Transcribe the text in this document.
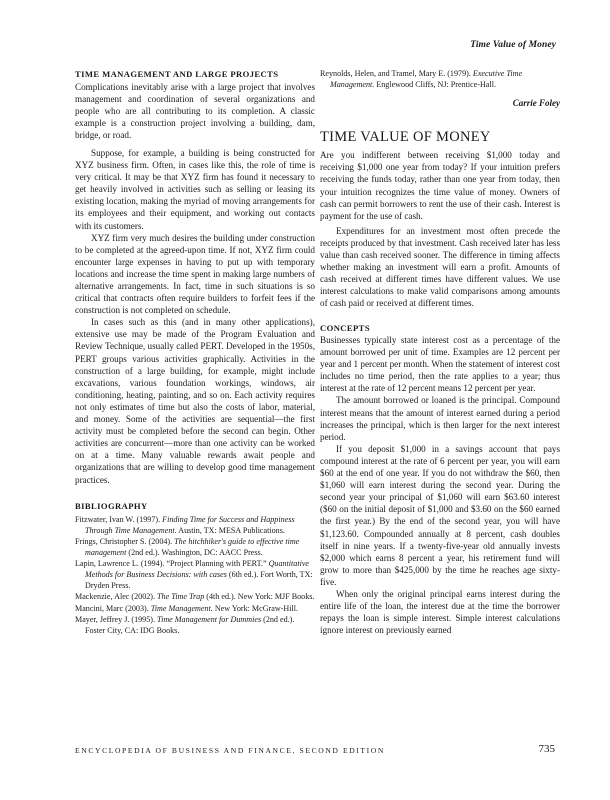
Time Value of Money

TIME MANAGEMENT AND LARGE PROJECTS

Complications inevitably arise with a large project that involves management and coordination of several organizations and people who are all contributing to its completion. A classic example is a construction project involving a building, dam, bridge, or road.

Suppose, for example, a building is being constructed for XYZ business firm. Often, in cases like this, the role of time is very critical. It may be that XYZ firm has found it necessary to get heavily involved in activities such as selling or leasing its existing location, making the myriad of moving arrangements for its employees and their equipment, and working out contacts with its customers.

XYZ firm very much desires the building under construction to be completed at the agreed-upon time. If not, XYZ firm could encounter large expenses in having to put up with temporary locations and increase the time spent in making large numbers of alternative arrangements. In fact, time in such situations is so critical that contracts often require builders to forfeit fees if the construction is not completed on schedule.

In cases such as this (and in many other applications), extensive use may be made of the Program Evaluation and Review Technique, usually called PERT. Developed in the 1950s, PERT groups various activities graphically. Activities in the construction of a large building, for example, might include excavations, various foundation workings, windows, air conditioning, heating, painting, and so on. Each activity requires not only estimates of time but also the costs of labor, material, and money. Some of the activities are sequential—the first activity must be completed before the second can begin. Other activities are concurrent—more than one activity can be worked on at a time. Many valuable rewards await people and organizations that are willing to develop good time management practices.

BIBLIOGRAPHY

Fitzwater, Ivan W. (1997). Finding Time for Success and Happiness Through Time Management. Austin, TX: MESA Publications.

Frings, Christopher S. (2004). The hitchhiker's guide to effective time management (2nd ed.). Washington, DC: AACC Press.

Lapin, Lawrence L. (1994). “Project Planning with PERT.” Quantitative Methods for Business Decisions: with cases (6th ed.). Fort Worth, TX: Dryden Press.

Mackenzie, Alec (2002). The Time Trap (4th ed.). New York: MJF Books.

Mancini, Marc (2003). Time Management. New York: McGraw-Hill.

Mayer, Jeffrey J. (1995). Time Management for Dummies (2nd ed.). Foster City, CA: IDG Books.

Reynolds, Helen, and Tramel, Mary E. (1979). Executive Time Management. Englewood Cliffs, NJ: Prentice-Hall.

Carrie Foley
TIME VALUE OF MONEY

Are you indifferent between receiving $1,000 today and receiving $1,000 one year from today? If your intuition prefers receiving the funds today, rather than one year from today, then your intuition recognizes the time value of money. Owners of cash can permit borrowers to rent the use of their cash. Interest is payment for the use of cash.

Expenditures for an investment most often precede the receipts produced by that investment. Cash received later has less value than cash received sooner. The difference in timing affects whether making an investment will earn a profit. Amounts of cash received at different times have different values. We use interest calculations to make valid comparisons among amounts of cash paid or received at different times.

CONCEPTS

Businesses typically state interest cost as a percentage of the amount borrowed per unit of time. Examples are 12 percent per year and 1 percent per month. When the statement of interest cost includes no time period, then the rate applies to a year; thus interest at the rate of 12 percent means 12 percent per year.

The amount borrowed or loaned is the principal. Compound interest means that the amount of interest earned during a period increases the principal, which is then larger for the next interest period.

If you deposit $1,000 in a savings account that pays compound interest at the rate of 6 percent per year, you will earn $60 at the end of one year. If you do not withdraw the $60, then $1,060 will earn interest during the second year. During the second year your principal of $1,060 will earn $63.60 interest ($60 on the initial deposit of $1,000 and $3.60 on the $60 earned the first year.) By the end of the second year, you will have $1,123.60. Compounded annually at 8 percent, cash doubles itself in nine years. If a twenty-five-year old annually invests $2,000 which earns 8 percent a year, his retirement fund will grow to more than $425,000 by the time he reaches age sixty-five.

When only the original principal earns interest during the entire life of the loan, the interest due at the time the borrower repays the loan is simple interest. Simple interest calculations ignore interest on previously earned

ENCYCLOPEDIA OF BUSINESS AND FINANCE, SECOND EDITION	735
